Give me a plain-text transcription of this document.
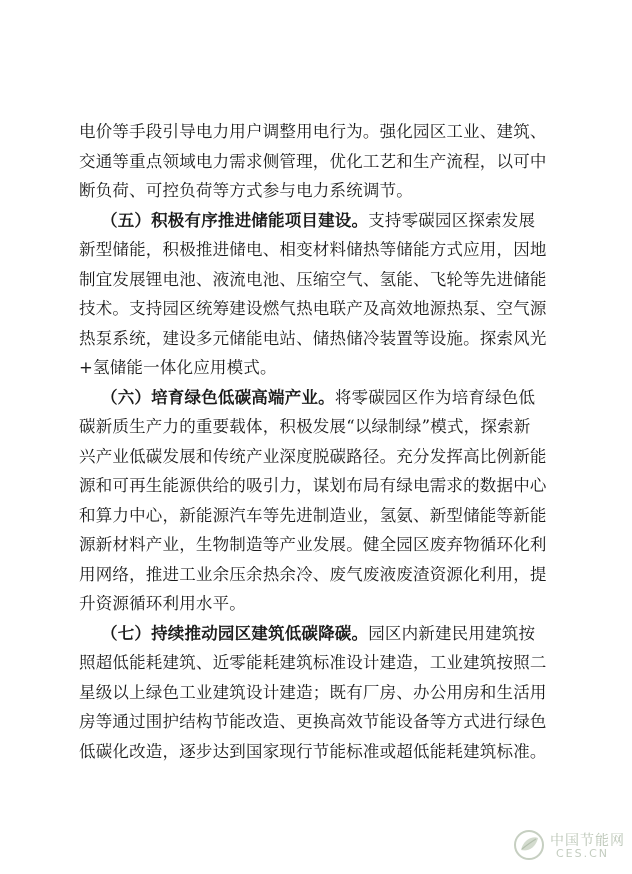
电价等手段引导电力用户调整用电行为。强化园区工业、建筑、
交通等重点领域电力需求侧管理，优化工艺和生产流程，以可中
断负荷、可控负荷等方式参与电力系统调节。

（五）积极有序推进储能项目建设。支持零碳园区探索发展
新型储能，积极推进储电、相变材料储热等储能方式应用，因地
制宜发展锂电池、液流电池、压缩空气、氢能、飞轮等先进储能
技术。支持园区统筹建设燃气热电联产及高效地源热泵、空气源
热泵系统，建设多元储能电站、储热储冷装置等设施。探索风光
+氢储能一体化应用模式。

（六）培育绿色低碳高端产业。将零碳园区作为培育绿色低
碳新质生产力的重要载体，积极发展“以绿制绿”模式，探索新
兴产业低碳发展和传统产业深度脱碳路径。充分发挥高比例新能
源和可再生能源供给的吸引力，谋划布局有绿电需求的数据中心
和算力中心，新能源汽车等先进制造业，氢氨、新型储能等新能
源新材料产业，生物制造等产业发展。健全园区废弃物循环化利
用网络，推进工业余压余热余冷、废气废液废渣资源化利用，提
升资源循环利用水平。

（七）持续推动园区建筑低碳降碳。园区内新建民用建筑按
照超低能耗建筑、近零能耗建筑标准设计建造，工业建筑按照二
星级以上绿色工业建筑设计建造；既有厂房、办公用房和生活用
房等通过围护结构节能改造、更换高效节能设备等方式进行绿色
低碳化改造，逐步达到国家现行节能标准或超低能耗建筑标准。

中国节能网
CES.CN
